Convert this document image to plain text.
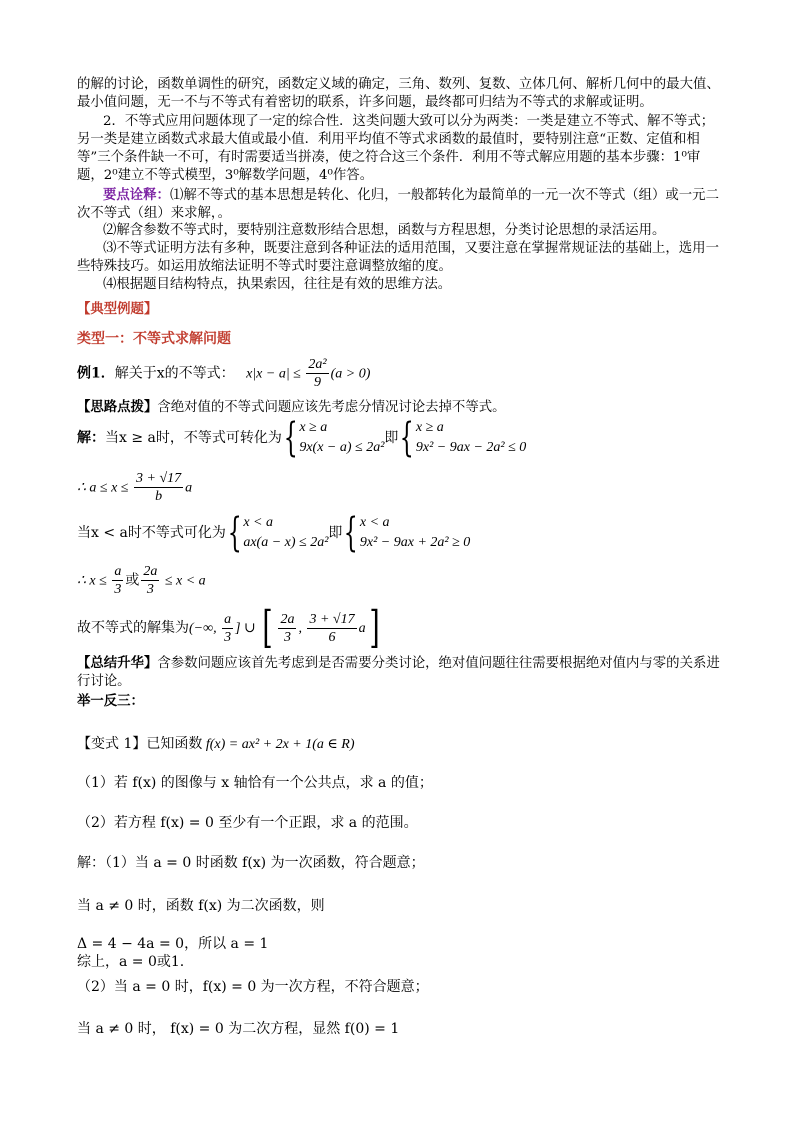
的解的讨论，函数单调性的研究，函数定义域的确定，三角、数列、复数、立体几何、解析几何中的最大值、最小值问题，无一不与不等式有着密切的联系，许多问题，最终都可归结为不等式的求解或证明。
2．不等式应用问题体现了一定的综合性．这类问题大致可以分为两类：一类是建立不等式、解不等式；另一类是建立函数式求最大值或最小值．利用平均值不等式求函数的最值时，要特别注意“正数、定值和相等”三个条件缺一不可，有时需要适当拼凑，使之符合这三个条件．利用不等式解应用题的基本步骤：1⁰审题，2⁰建立不等式模型，3⁰解数学问题，4⁰作答。
要点诠释：⑴解不等式的基本思想是转化、化归，一般都转化为最简单的一元一次不等式（组）或一元二次不等式（组）来求解，。
⑵解含参数不等式时，要特别注意数形结合思想，函数与方程思想，分类讨论思想的录活运用。
⑶不等式证明方法有多种，既要注意到各种证法的适用范围，又要注意在掌握常规证法的基础上，选用一些特殊技巧。如运用放缩法证明不等式时要注意调整放缩的度。
⑷根据题目结构特点，执果索因，往往是有效的思维方法。
【典型例题】
类型一：不等式求解问题
例1．解关于x的不等式：   $x|x - a| \le \frac{\text{2a²}}{9} (a > 0)$
【思路点拨】含绝对值的不等式问题应该先考虑分情况讨论去掉不等式。
解：当x ≥ a时，不等式可转化为{ x ≥ a
9x(x − a) ≤ 2a²
即{ x ≥ a
9x² − 9ax − 2a² ≤ 0
∴ $a \le x \le \frac{3 + √17}{b}$ a
当x < a时不等式可化为{ x < a
ax(a − x) ≤ 2a²
即{ x < a
9x² − 9ax + 2a² ≥ 0
∴ $x \le \frac{a}{3}$ 或 $\frac{2a}{3} \le x < a$
故不等式的解集为(−∞, $\frac{a}{3}$ ] ∪ [ $\frac{2a}{3}$ , $\frac{3 + √17}{6} a$]
【总结升华】含参数问题应该首先考虑到是否需要分类讨论，绝对值问题往往需要根据绝对值内与零的关系进行讨论。
举一反三：
【变式 1】已知函数 f(x) = ax² + 2x + 1(a ∈ R)
（1）若 f(x) 的图像与 x 轴恰有一个公共点，求 a 的值；
（2）若方程 f(x) = 0 至少有一个正跟，求 a 的范围。
解：（1）当 a = 0 时函数 f(x) 为一次函数，符合题意；
当 a ≠ 0 时，函数 f(x) 为二次函数，则
Δ = 4 − 4a = 0，所以 a = 1
综上，a = 0或1.
（2）当 a = 0 时，f(x) = 0 为一次方程，不符合题意；
当 a ≠ 0 时， f(x) = 0 为二次方程，显然 f(0) = 1
